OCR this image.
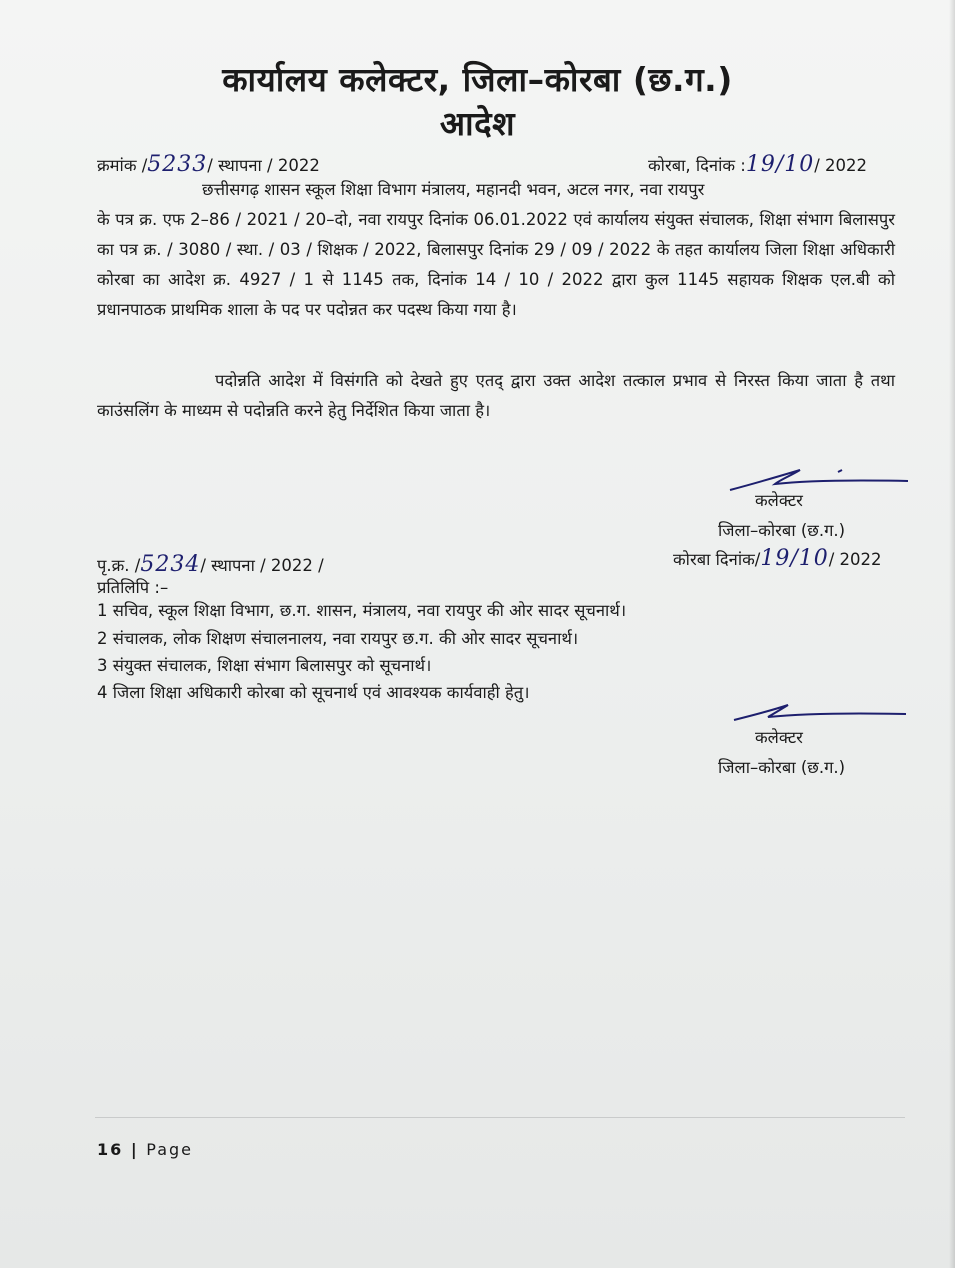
कार्यालय कलेक्टर, जिला–कोरबा (छ.ग.)
आदेश
क्रमांक /5233/ स्थापना / 2022	कोरबा, दिनांक :19/10/ 2022

छत्तीसगढ़ शासन स्कूल शिक्षा विभाग मंत्रालय, महानदी भवन, अटल नगर, नवा रायपुर

के पत्र क्र. एफ 2–86 / 2021 / 20–दो, नवा रायपुर दिनांक 06.01.2022 एवं कार्यालय संयुक्त संचालक, शिक्षा संभाग बिलासपुर का पत्र क्र. / 3080 / स्था. / 03 / शिक्षक / 2022, बिलासपुर दिनांक 29 / 09 / 2022 के तहत कार्यालय जिला शिक्षा अधिकारी कोरबा का आदेश क्र. 4927 / 1 से 1145 तक, दिनांक 14 / 10 / 2022 द्वारा कुल 1145 सहायक शिक्षक एल.बी को प्रधानपाठक प्राथमिक शाला के पद पर पदोन्नत कर पदस्थ किया गया है।

पदोन्नति आदेश में विसंगति को देखते हुए एतद् द्वारा उक्त आदेश तत्काल प्रभाव से निरस्त किया जाता है तथा काउंसलिंग के माध्यम से पदोन्नति करने हेतु निर्देशित किया जाता है।
कलेक्टर
जिला–कोरबा (छ.ग.)
कोरबा दिनांक/19/10/ 2022
पृ.क्र. /5234/ स्थापना / 2022 /
प्रतिलिपि :–
1 सचिव, स्कूल शिक्षा विभाग, छ.ग. शासन, मंत्रालय, नवा रायपुर की ओर सादर सूचनार्थ।
2 संचालक, लोक शिक्षण संचालनालय, नवा रायपुर छ.ग. की ओर सादर सूचनार्थ।
3 संयुक्त संचालक, शिक्षा संभाग बिलासपुर को सूचनार्थ।
4 जिला शिक्षा अधिकारी कोरबा को सूचनार्थ एवं आवश्यक कार्यवाही हेतु।
कलेक्टर
जिला–कोरबा (छ.ग.)
16 | Page
